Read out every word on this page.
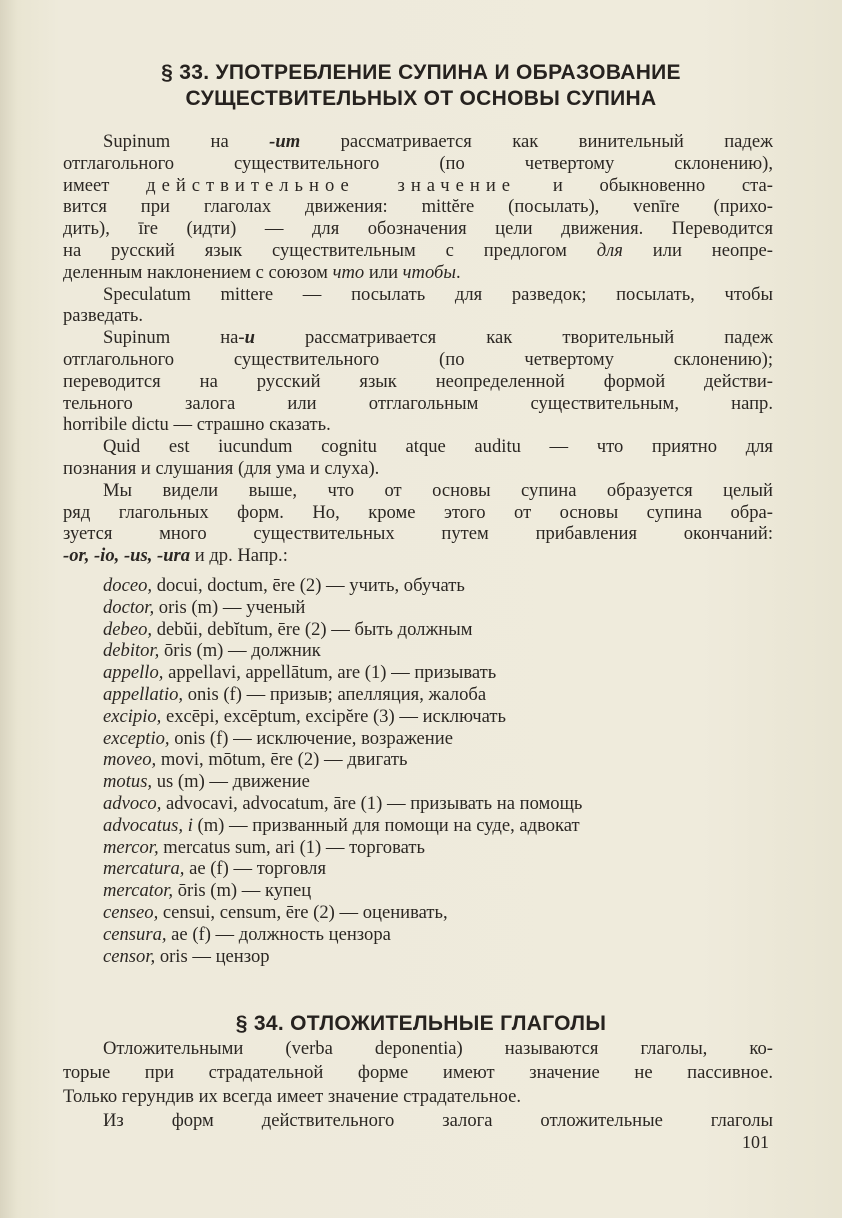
§ 33. УПОТРЕБЛЕНИЕ СУПИНА И ОБРАЗОВАНИЕ
СУЩЕСТВИТЕЛЬНЫХ ОТ ОСНОВЫ СУПИНА
Supinum на -um рассматривается как винительный падеж
отглагольного существительного (по четвертому склонению),
имеет действительное значение и обыкновенно ста-
вится при глаголах движения: mittĕre (посылать), venīre (прихо-
дить), īre (идти) — для обозначения цели движения. Переводится
на русский язык существительным с предлогом для или неопре-
деленным наклонением с союзом что или чтобы.
Speculatum mittere — посылать для разведок; посылать, чтобы
разведать.
Supinum на-u рассматривается как творительный падеж
отглагольного существительного (по четвертому склонению);
переводится на русский язык неопределенной формой действи-
тельного залога или отглагольным существительным, напр.
horribile dictu — страшно сказать.
Quid est iucundum cognitu atque auditu — что приятно для
познания и слушания (для ума и слуха).
Мы видели выше, что от основы супина образуется целый
ряд глагольных форм. Но, кроме этого от основы супина обра-
зуется много существительных путем прибавления окончаний:
-or, -io, -us, -ura и др. Напр.:
doceo, docui, doctum, ēre (2) — учить, обучать
doctor, oris (m) — ученый
debeo, debŭi, debĭtum, ēre (2) — быть должным
debitor, ōris (m) — должник
appello, appellavi, appellātum, are (1) — призывать
appellatio, onis (f) — призыв; апелляция, жалоба
excipio, excēpi, excēptum, excipĕre (3) — исключать
exceptio, onis (f) — исключение, возражение
moveo, movi, mōtum, ēre (2) — двигать
motus, us (m) — движение
advoco, advocavi, advocatum, āre (1) — призывать на помощь
advocatus, i (m) — призванный для помощи на суде, адвокат
mercor, mercatus sum, ari (1) — торговать
mercatura, ae (f) — торговля
mercator, ōris (m) — купец
censeo, censui, censum, ēre (2) — оценивать,
censura, ae (f) — должность цензора
censor, oris — цензор
§ 34. ОТЛОЖИТЕЛЬНЫЕ ГЛАГОЛЫ
Отложительными (verba deponentia) называются глаголы, ко-
торые при страдательной форме имеют значение не пассивное.
Только герундив их всегда имеет значение страдательное.
Из форм действительного залога отложительные глаголы
101
